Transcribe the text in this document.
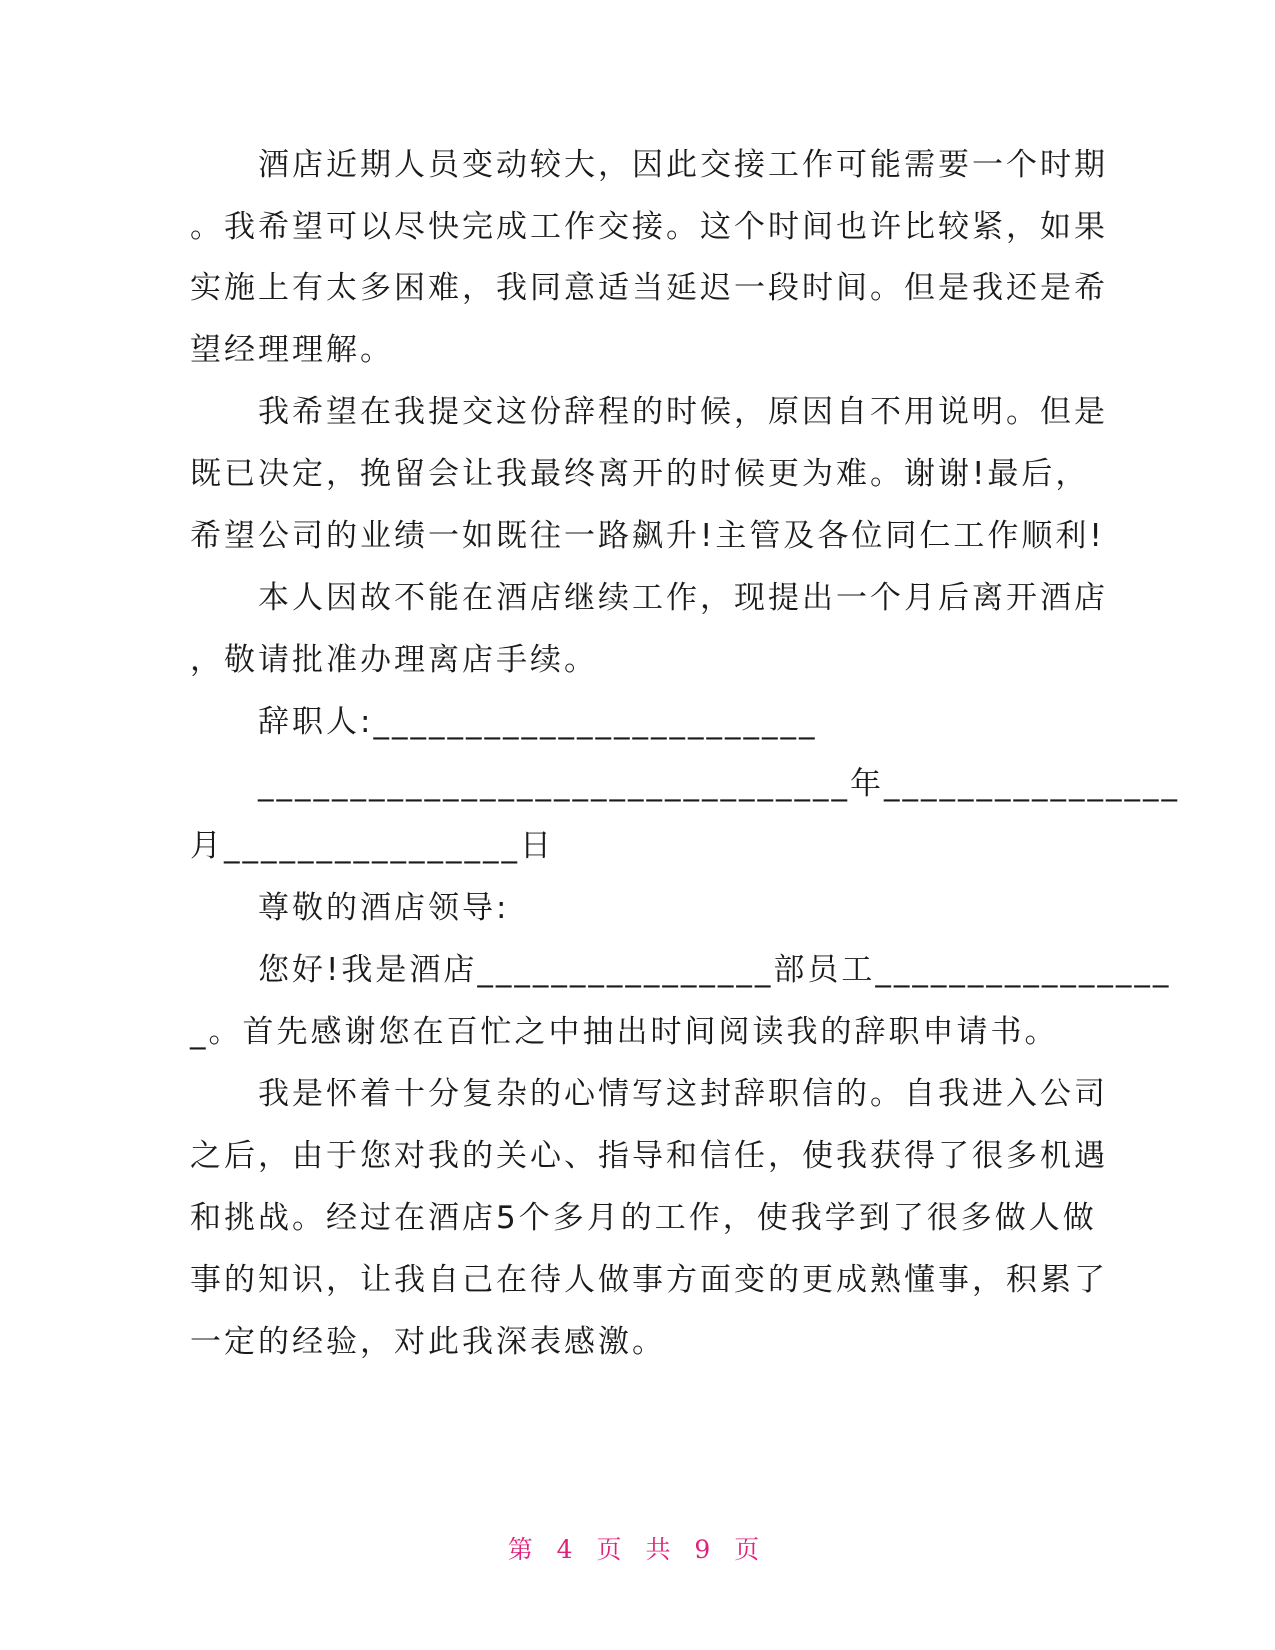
　　酒店近期人员变动较大，因此交接工作可能需要一个时期
。我希望可以尽快完成工作交接。这个时间也许比较紧，如果
实施上有太多困难，我同意适当延迟一段时间。但是我还是希
望经理理解。
　　我希望在我提交这份辞程的时候，原因自不用说明。但是
既已决定，挽留会让我最终离开的时候更为难。谢谢!最后，
希望公司的业绩一如既往一路飙升!主管及各位同仁工作顺利!
　　本人因故不能在酒店继续工作，现提出一个月后离开酒店
，敬请批准办理离店手续。
　　辞职人:________________________
　　________________________________年________________
月________________日
　　尊敬的酒店领导:
　　您好!我是酒店________________部员工________________
_。首先感谢您在百忙之中抽出时间阅读我的辞职申请书。
　　我是怀着十分复杂的心情写这封辞职信的。自我进入公司
之后，由于您对我的关心、指导和信任，使我获得了很多机遇
和挑战。经过在酒店5个多月的工作，使我学到了很多做人做
事的知识，让我自己在待人做事方面变的更成熟懂事，积累了
一定的经验，对此我深表感激。
第 4 页 共 9 页
